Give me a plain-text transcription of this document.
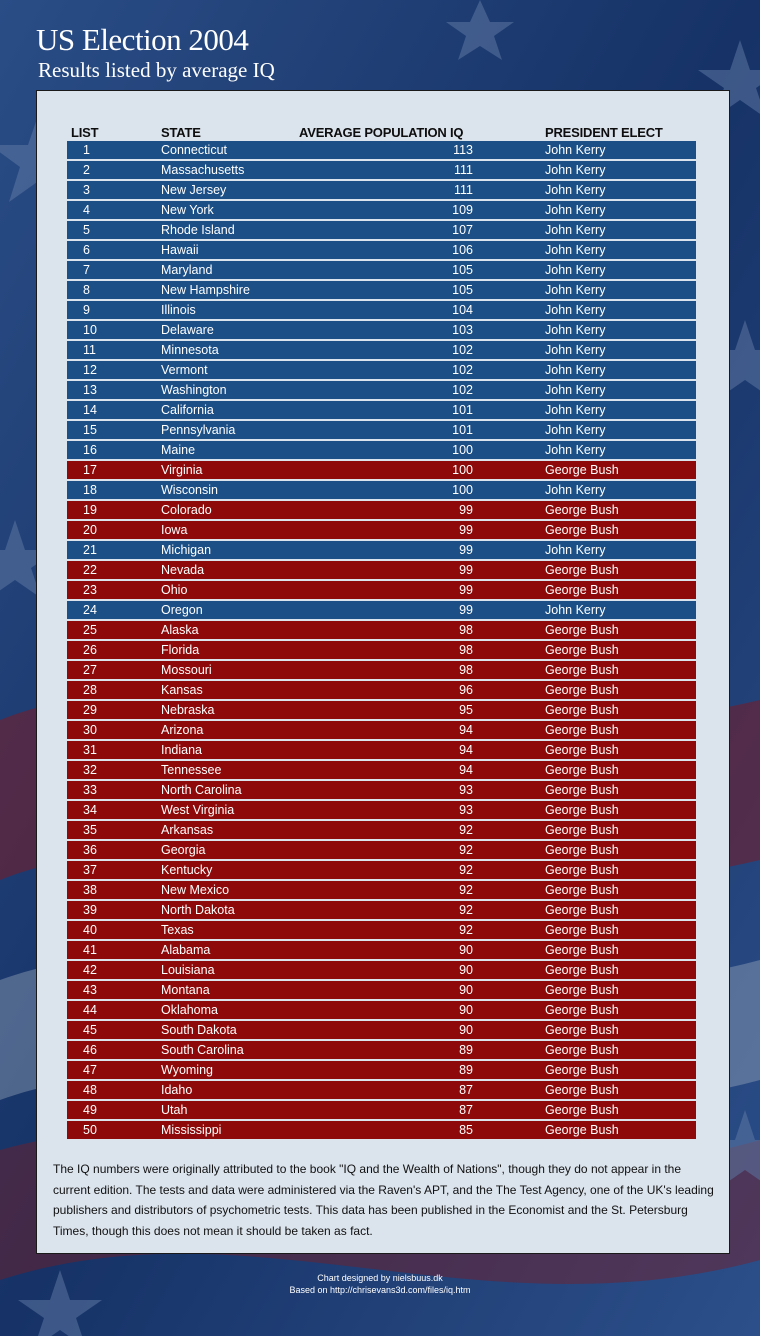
US Election 2004
Results listed by average IQ
LIST	STATE	AVERAGE POPULATION IQ	PRESIDENT ELECT
1	Connecticut	113	John Kerry
2	Massachusetts	111	John Kerry
3	New Jersey	111	John Kerry
4	New York	109	John Kerry
5	Rhode Island	107	John Kerry
6	Hawaii	106	John Kerry
7	Maryland	105	John Kerry
8	New Hampshire	105	John Kerry
9	Illinois	104	John Kerry
10	Delaware	103	John Kerry
11	Minnesota	102	John Kerry
12	Vermont	102	John Kerry
13	Washington	102	John Kerry
14	California	101	John Kerry
15	Pennsylvania	101	John Kerry
16	Maine	100	John Kerry
17	Virginia	100	George Bush
18	Wisconsin	100	John Kerry
19	Colorado	99	George Bush
20	Iowa	99	George Bush
21	Michigan	99	John Kerry
22	Nevada	99	George Bush
23	Ohio	99	George Bush
24	Oregon	99	John Kerry
25	Alaska	98	George Bush
26	Florida	98	George Bush
27	Mossouri	98	George Bush
28	Kansas	96	George Bush
29	Nebraska	95	George Bush
30	Arizona	94	George Bush
31	Indiana	94	George Bush
32	Tennessee	94	George Bush
33	North Carolina	93	George Bush
34	West Virginia	93	George Bush
35	Arkansas	92	George Bush
36	Georgia	92	George Bush
37	Kentucky	92	George Bush
38	New Mexico	92	George Bush
39	North Dakota	92	George Bush
40	Texas	92	George Bush
41	Alabama	90	George Bush
42	Louisiana	90	George Bush
43	Montana	90	George Bush
44	Oklahoma	90	George Bush
45	South Dakota	90	George Bush
46	South Carolina	89	George Bush
47	Wyoming	89	George Bush
48	Idaho	87	George Bush
49	Utah	87	George Bush
50	Mississippi	85	George Bush

The IQ numbers were originally attributed to the book "IQ and the Wealth of Nations", though they do not appear in the current edition. The tests and data were administered via the Raven's APT, and the The Test Agency, one of the UK's leading publishers and distributors of psychometric tests. This data has been published in the Economist and the St. Petersburg Times, though this does not mean it should be taken as fact.

Chart designed by nielsbuus.dk
Based on http://chrisevans3d.com/files/iq.htm
